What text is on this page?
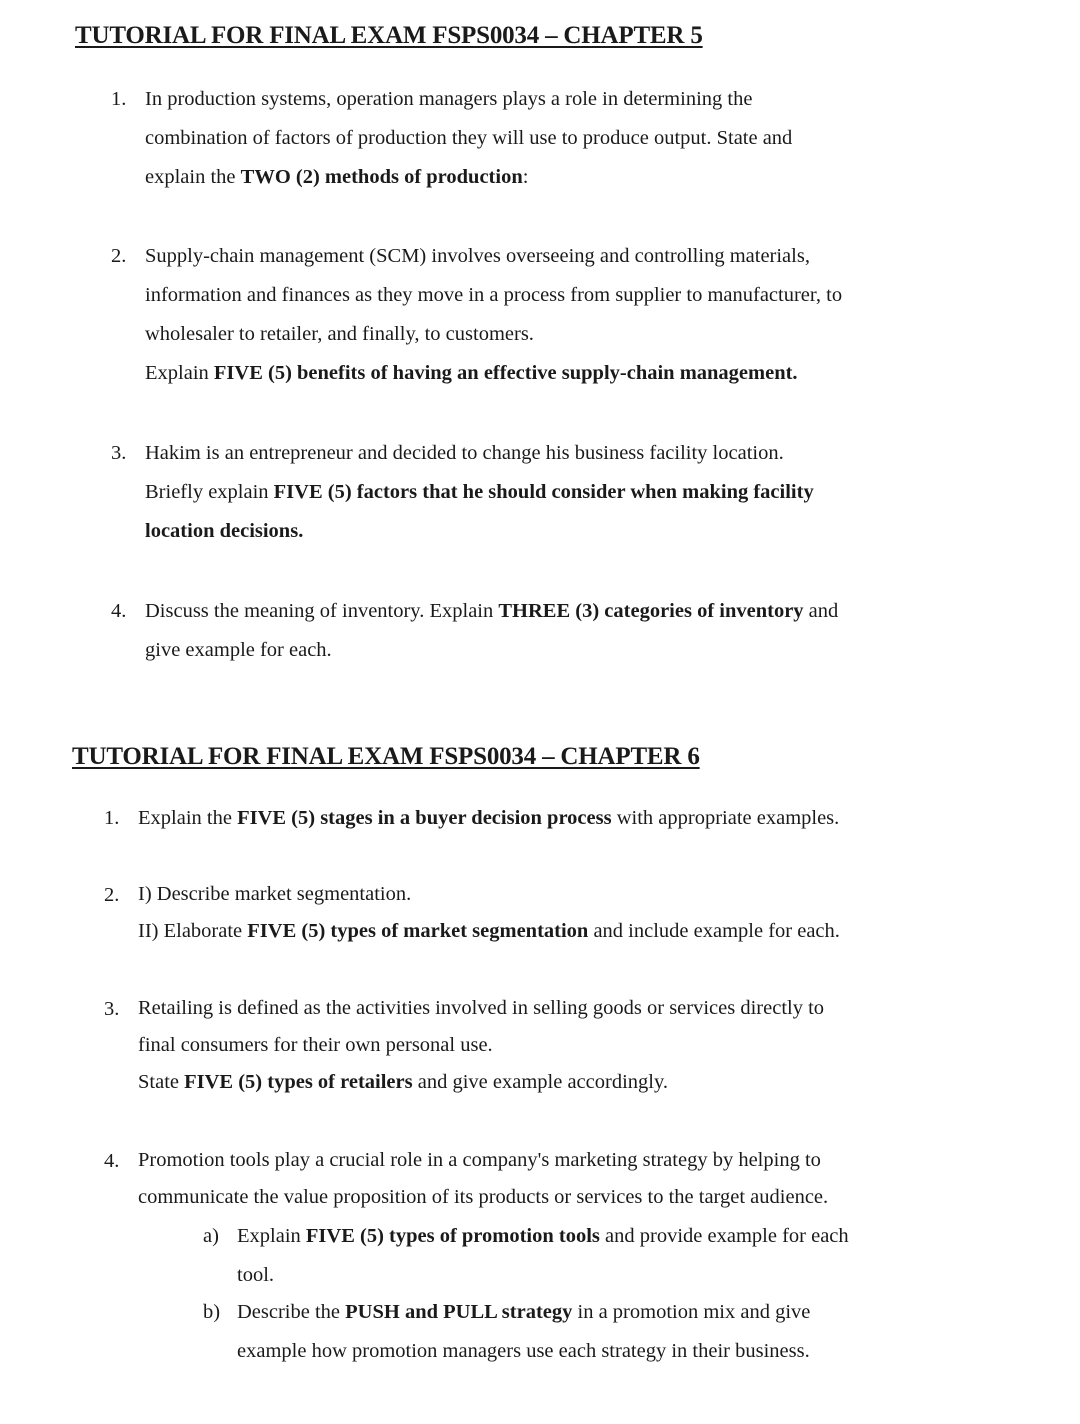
TUTORIAL FOR FINAL EXAM FSPS0034 – CHAPTER 5
1. In production systems, operation managers plays a role in determining the
combination of factors of production they will use to produce output. State and
explain the TWO (2) methods of production:
2. Supply-chain management (SCM) involves overseeing and controlling materials,
information and finances as they move in a process from supplier to manufacturer, to
wholesaler to retailer, and finally, to customers.
Explain FIVE (5) benefits of having an effective supply-chain management.
3. Hakim is an entrepreneur and decided to change his business facility location.
Briefly explain FIVE (5) factors that he should consider when making facility
location decisions.
4. Discuss the meaning of inventory. Explain THREE (3) categories of inventory and
give example for each.
TUTORIAL FOR FINAL EXAM FSPS0034 – CHAPTER 6
1. Explain the FIVE (5) stages in a buyer decision process with appropriate examples.
2. I) Describe market segmentation.
II) Elaborate FIVE (5) types of market segmentation and include example for each.
3. Retailing is defined as the activities involved in selling goods or services directly to
final consumers for their own personal use.
State FIVE (5) types of retailers and give example accordingly.
4. Promotion tools play a crucial role in a company's marketing strategy by helping to
communicate the value proposition of its products or services to the target audience.
a) Explain FIVE (5) types of promotion tools and provide example for each
tool.
b) Describe the PUSH and PULL strategy in a promotion mix and give
example how promotion managers use each strategy in their business.
